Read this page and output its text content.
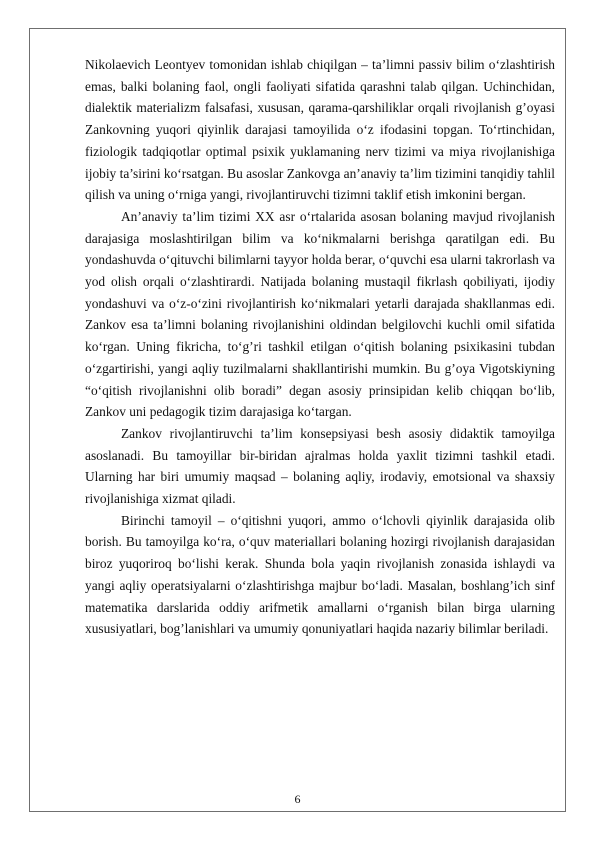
Nikolaevich Leontyev tomonidan ishlab chiqilgan – ta’limni passiv bilim o‘zlashtirish emas, balki bolaning faol, ongli faoliyati sifatida qarashni talab qilgan. Uchinchidan, dialektik materializm falsafasi, xususan, qarama-qarshiliklar orqali rivojlanish g’oyasi Zankovning yuqori qiyinlik darajasi tamoyilida o‘z ifodasini topgan. To‘rtinchidan, fiziologik tadqiqotlar optimal psixik yuklamaning nerv tizimi va miya rivojlanishiga ijobiy ta’sirini ko‘rsatgan. Bu asoslar Zankovga an’anaviy ta’lim tizimini tanqidiy tahlil qilish va uning o‘rniga yangi, rivojlantiruvchi tizimni taklif etish imkonini bergan.

An’anaviy ta’lim tizimi XX asr o‘rtalarida asosan bolaning mavjud rivojlanish darajasiga moslashtirilgan bilim va ko‘nikmalarni berishga qaratilgan edi. Bu yondashuvda o‘qituvchi bilimlarni tayyor holda berar, o‘quvchi esa ularni takrorlash va yod olish orqali o‘zlashtirardi. Natijada bolaning mustaqil fikrlash qobiliyati, ijodiy yondashuvi va o‘z-o‘zini rivojlantirish ko‘nikmalari yetarli darajada shakllanmas edi. Zankov esa ta’limni bolaning rivojlanishini oldindan belgilovchi kuchli omil sifatida ko‘rgan. Uning fikricha, to‘g’ri tashkil etilgan o‘qitish bolaning psixikasini tubdan o‘zgartirishi, yangi aqliy tuzilmalarni shakllantirishi mumkin. Bu g’oya Vigotskiyning “o‘qitish rivojlanishni olib boradi” degan asosiy prinsipidan kelib chiqqan bo‘lib, Zankov uni pedagogik tizim darajasiga ko‘targan.

Zankov rivojlantiruvchi ta’lim konsepsiyasi besh asosiy didaktik tamoyilga asoslanadi. Bu tamoyillar bir-biridan ajralmas holda yaxlit tizimni tashkil etadi. Ularning har biri umumiy maqsad – bolaning aqliy, irodaviy, emotsional va shaxsiy rivojlanishiga xizmat qiladi.

Birinchi tamoyil – o‘qitishni yuqori, ammo o‘lchovli qiyinlik darajasida olib borish. Bu tamoyilga ko‘ra, o‘quv materiallari bolaning hozirgi rivojlanish darajasidan biroz yuqoriroq bo‘lishi kerak. Shunda bola yaqin rivojlanish zonasida ishlaydi va yangi aqliy operatsiyalarni o‘zlashtirishga majbur bo‘ladi. Masalan, boshlang’ich sinf matematika darslarida oddiy arifmetik amallarni o‘rganish bilan birga ularning xususiyatlari, bog’lanishlari va umumiy qonuniyatlari haqida nazariy bilimlar beriladi.

6
